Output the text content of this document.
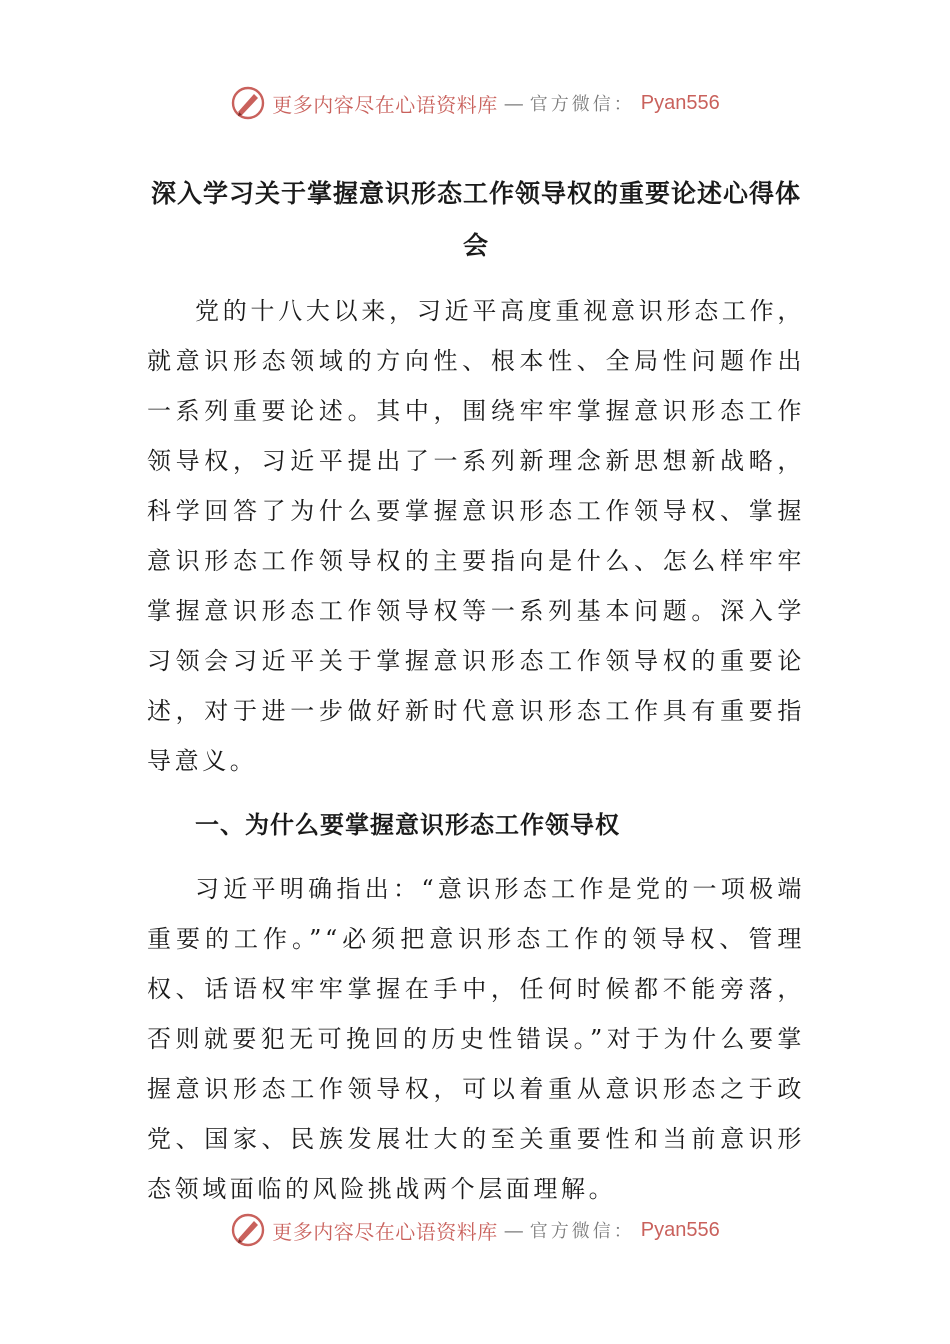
更多内容尽在心语资料库 — 官方微信： Pyan556
深入学习关于掌握意识形态工作领导权的重要论述心得体会

党的十八大以来，习近平高度重视意识形态工作，就意识形态领域的方向性、根本性、全局性问题作出一系列重要论述。其中，围绕牢牢掌握意识形态工作领导权，习近平提出了一系列新理念新思想新战略，科学回答了为什么要掌握意识形态工作领导权、掌握意识形态工作领导权的主要指向是什么、怎么样牢牢掌握意识形态工作领导权等一系列基本问题。深入学习领会习近平关于掌握意识形态工作领导权的重要论述，对于进一步做好新时代意识形态工作具有重要指导意义。

一、为什么要掌握意识形态工作领导权

习近平明确指出：“意识形态工作是党的一项极端重要的工作。”“必须把意识形态工作的领导权、管理权、话语权牢牢掌握在手中，任何时候都不能旁落，否则就要犯无可挽回的历史性错误。”对于为什么要掌握意识形态工作领导权，可以着重从意识形态之于政党、国家、民族发展壮大的至关重要性和当前意识形态领域面临的风险挑战两个层面理解。

更多内容尽在心语资料库 — 官方微信： Pyan556
